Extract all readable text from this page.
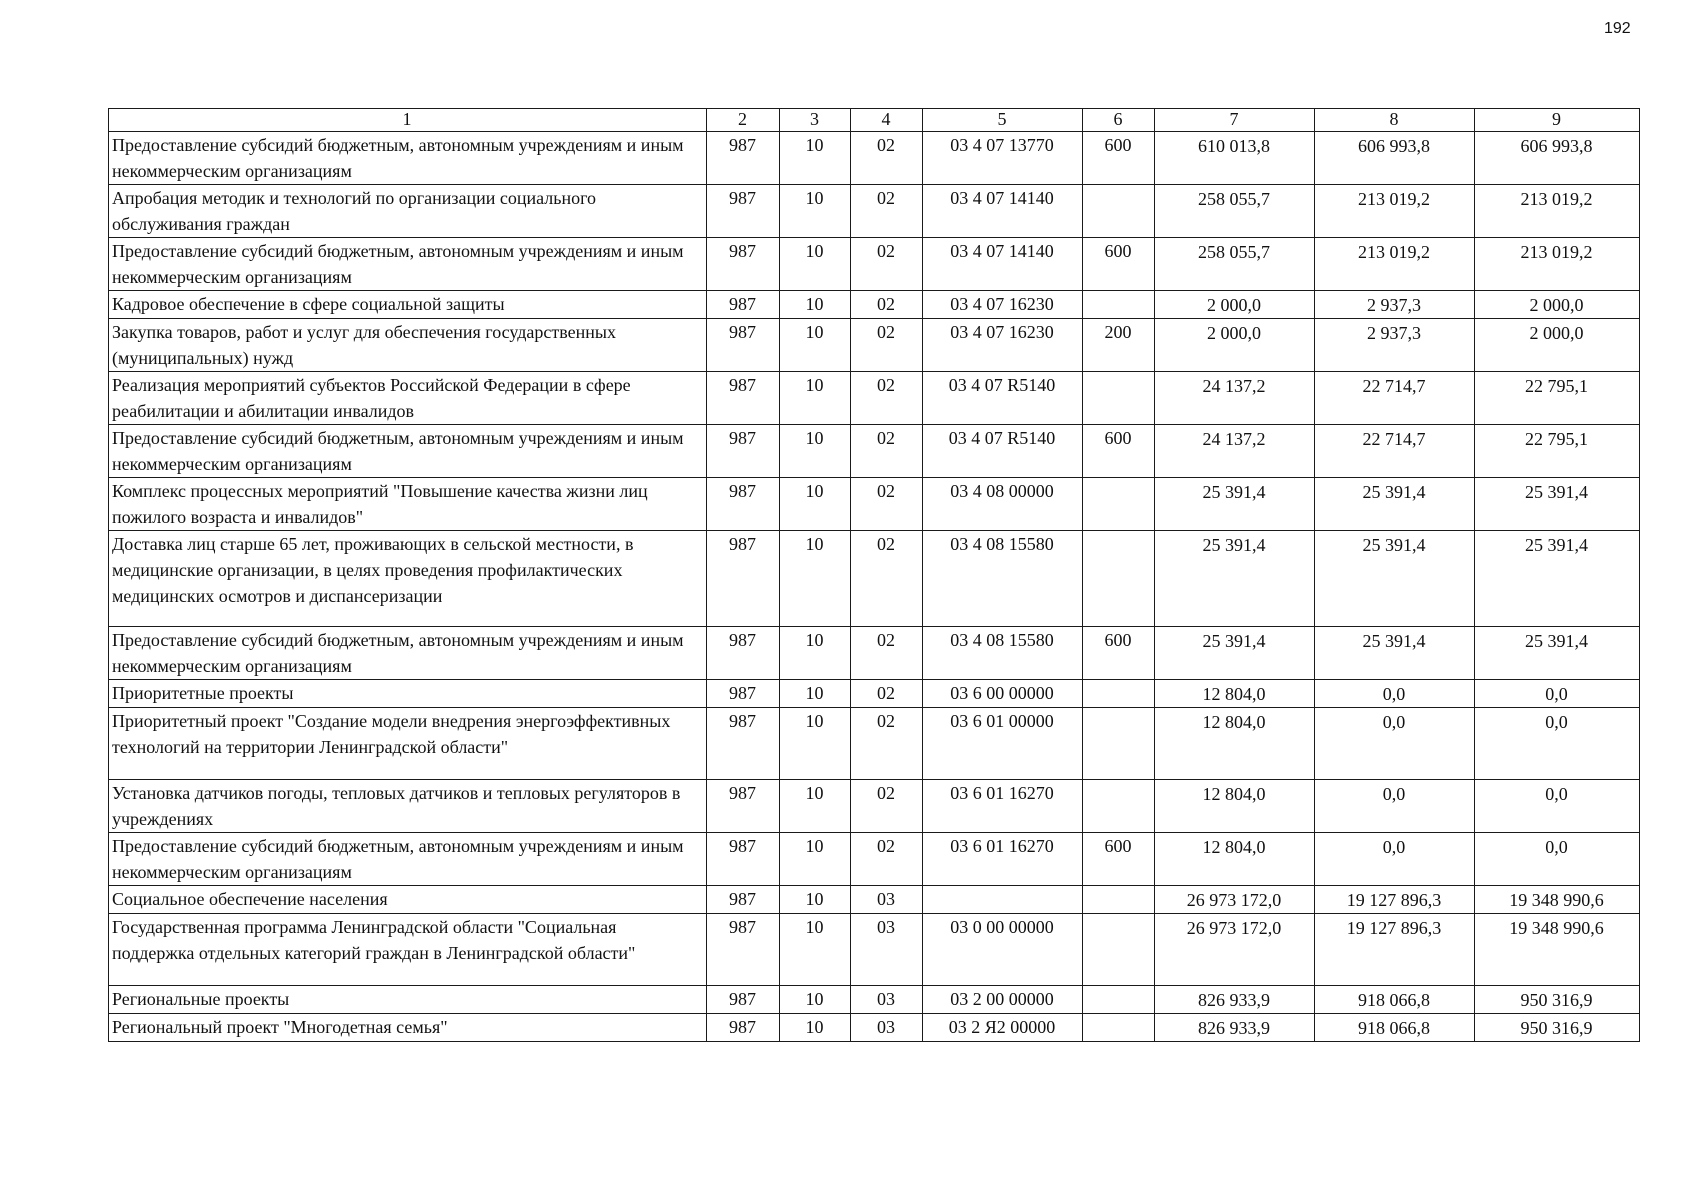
192
1	2	3	4	5	6	7	8	9
Предоставление субсидий бюджетным, автономным учреждениям и иным некоммерческим организациям	987	10	02	03 4 07 13770	600	610 013,8	606 993,8	606 993,8
Апробация методик и технологий по организации социального обслуживания граждан	987	10	02	03 4 07 14140		258 055,7	213 019,2	213 019,2
Предоставление субсидий бюджетным, автономным учреждениям и иным некоммерческим организациям	987	10	02	03 4 07 14140	600	258 055,7	213 019,2	213 019,2
Кадровое обеспечение в сфере социальной защиты	987	10	02	03 4 07 16230		2 000,0	2 937,3	2 000,0
Закупка товаров, работ и услуг для обеспечения государственных (муниципальных) нужд	987	10	02	03 4 07 16230	200	2 000,0	2 937,3	2 000,0
Реализация мероприятий субъектов Российской Федерации в сфере реабилитации и абилитации инвалидов	987	10	02	03 4 07 R5140		24 137,2	22 714,7	22 795,1
Предоставление субсидий бюджетным, автономным учреждениям и иным некоммерческим организациям	987	10	02	03 4 07 R5140	600	24 137,2	22 714,7	22 795,1
Комплекс процессных мероприятий "Повышение качества жизни лиц пожилого возраста и инвалидов"	987	10	02	03 4 08 00000		25 391,4	25 391,4	25 391,4
Доставка лиц старше 65 лет, проживающих в сельской местности, в медицинские организации, в целях проведения профилактических медицинских осмотров и диспансеризации	987	10	02	03 4 08 15580		25 391,4	25 391,4	25 391,4
Предоставление субсидий бюджетным, автономным учреждениям и иным некоммерческим организациям	987	10	02	03 4 08 15580	600	25 391,4	25 391,4	25 391,4
Приоритетные проекты	987	10	02	03 6 00 00000		12 804,0	0,0	0,0
Приоритетный проект "Создание модели внедрения энергоэффективных технологий на территории Ленинградской области"	987	10	02	03 6 01 00000		12 804,0	0,0	0,0
Установка датчиков погоды, тепловых датчиков и тепловых регуляторов в учреждениях	987	10	02	03 6 01 16270		12 804,0	0,0	0,0
Предоставление субсидий бюджетным, автономным учреждениям и иным некоммерческим организациям	987	10	02	03 6 01 16270	600	12 804,0	0,0	0,0
Социальное обеспечение населения	987	10	03			26 973 172,0	19 127 896,3	19 348 990,6
Государственная программа Ленинградской области "Социальная поддержка отдельных категорий граждан в Ленинградской области"	987	10	03	03 0 00 00000		26 973 172,0	19 127 896,3	19 348 990,6
Региональные проекты	987	10	03	03 2 00 00000		826 933,9	918 066,8	950 316,9
Региональный проект "Многодетная семья"	987	10	03	03 2 Я2 00000		826 933,9	918 066,8	950 316,9
